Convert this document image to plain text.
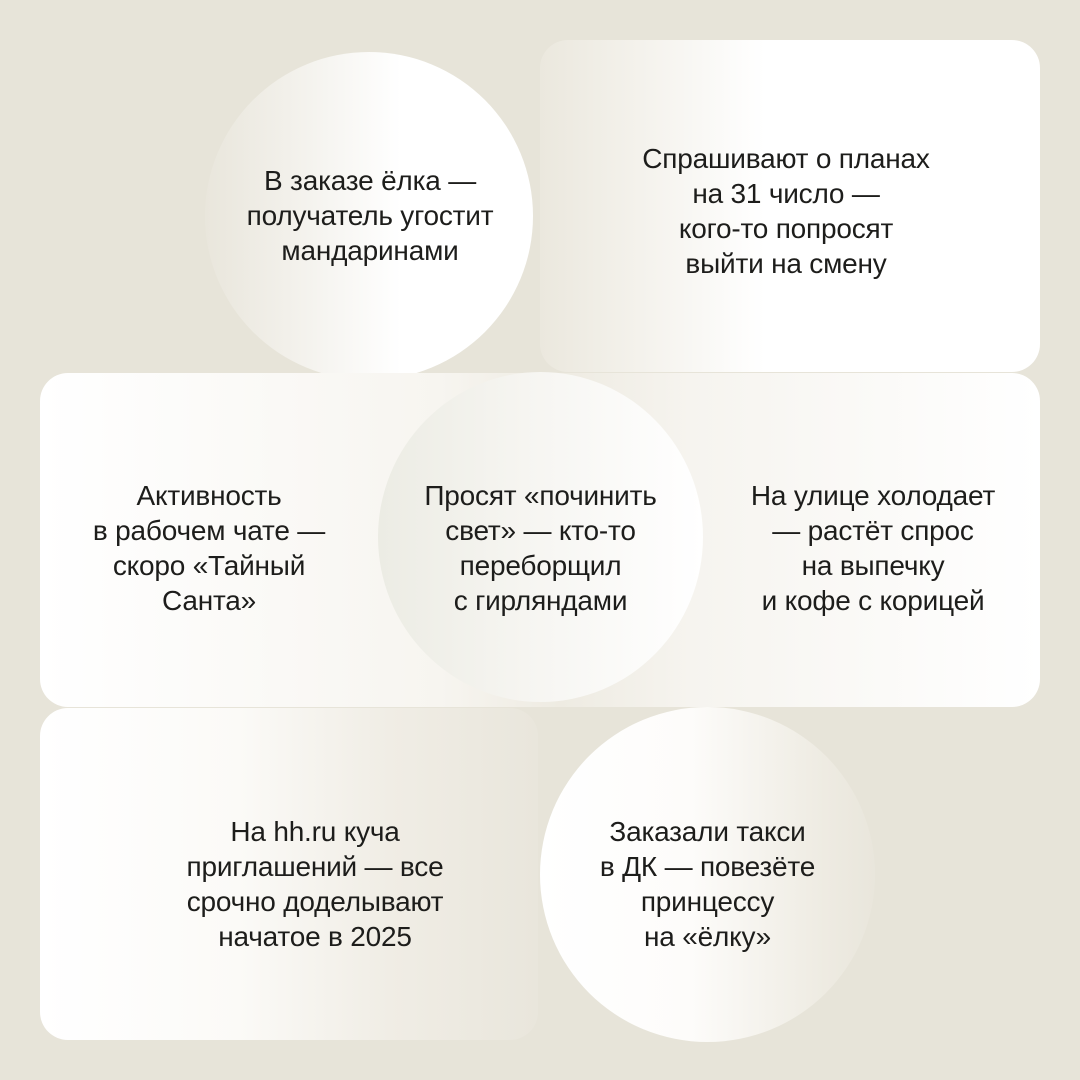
В заказе ёлка —
получатель угостит
мандаринами
Спрашивают о планах
на 31 число —
кого-то попросят
выйти на смену
Активность
в рабочем чате —
скоро «Тайный
Санта»
Просят «починить
свет» — кто-то
переборщил
с гирляндами
На улице холодает
— растёт спрос
на выпечку
и кофе с корицей
На hh.ru куча
приглашений — все
срочно доделывают
начатое в 2025
Заказали такси
в ДК — повезёте
принцессу
на «ёлку»
